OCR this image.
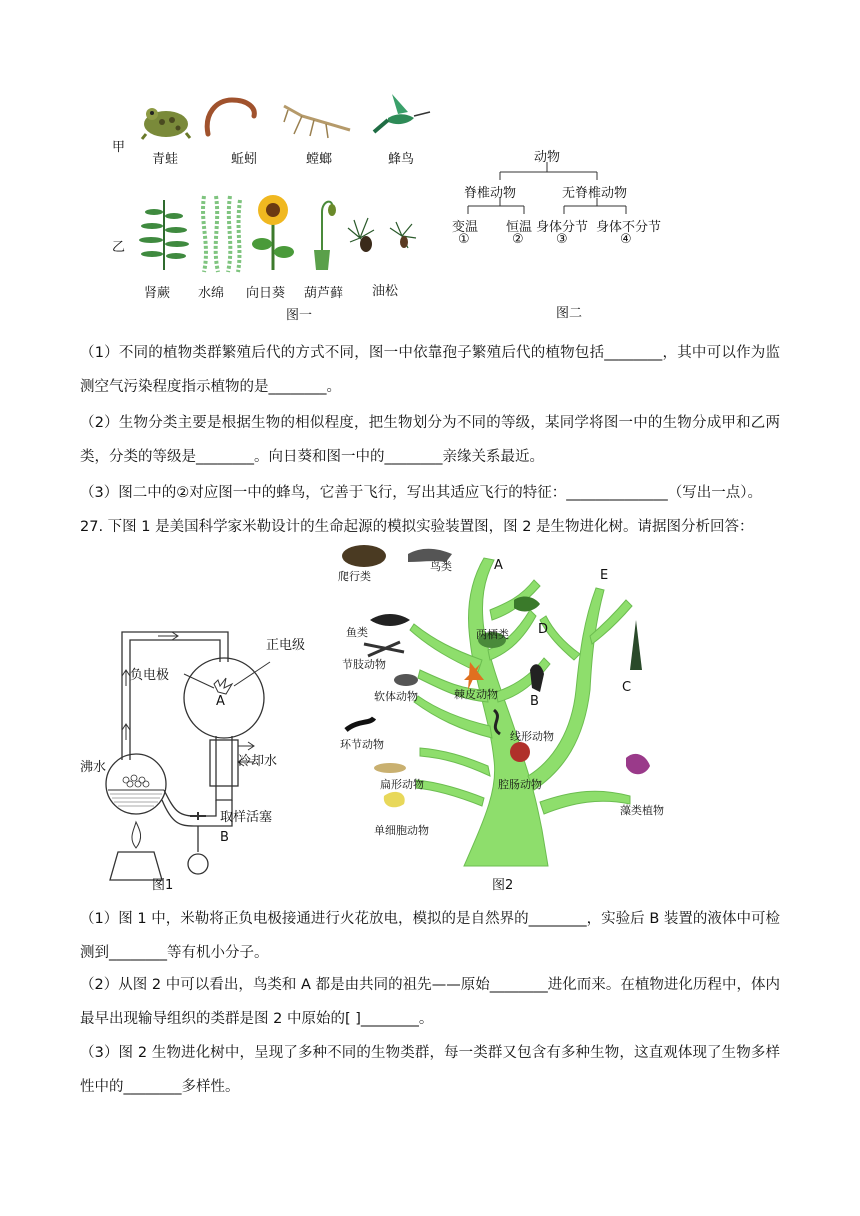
甲
乙
青蛙	蚯蚓	螳螂	蜂鸟
肾蕨 水绵 向日葵 葫芦藓 油松
图一
动物
脊椎动物	无脊椎动物
变温 恒温 身体分节 身体不分节
①	② ③	④
图二
（1）不同的植物类群繁殖后代的方式不同，图一中依靠孢子繁殖后代的植物包括________，其中可以作为监测空气污染程度指示植物的是________。
（2）生物分类主要是根据生物的相似程度，把生物划分为不同的等级，某同学将图一中的生物分成甲和乙两类，分类的等级是________。向日葵和图一中的________亲缘关系最近。
（3）图二中的②对应图一中的蜂鸟，它善于飞行，写出其适应飞行的特征：______________（写出一点）。
27. 下图 1 是美国科学家米勒设计的生命起源的模拟实验装置图，图 2 是生物进化树。请据图分析回答：
正电级
负电极
A
沸水	冷却水
取样活塞
B
图1
爬行类
鸟类	A
E
鱼类	两栖类 D
节肢动物
软体动物	棘皮动物 B
C
环节动物
线形动物
扁形动物	腔肠动物
藻类植物
单细胞动物
图2
（1）图 1 中，米勒将正负电极接通进行火花放电，模拟的是自然界的________，实验后 B 装置的液体中可检测到________等有机小分子。
（2）从图 2 中可以看出，鸟类和 A 都是由共同的祖先——原始________进化而来。在植物进化历程中，体内最早出现输导组织的类群是图 2 中原始的[ ]________。
（3）图 2 生物进化树中，呈现了多种不同的生物类群，每一类群又包含有多种生物，这直观体现了生物多样性中的________多样性。
